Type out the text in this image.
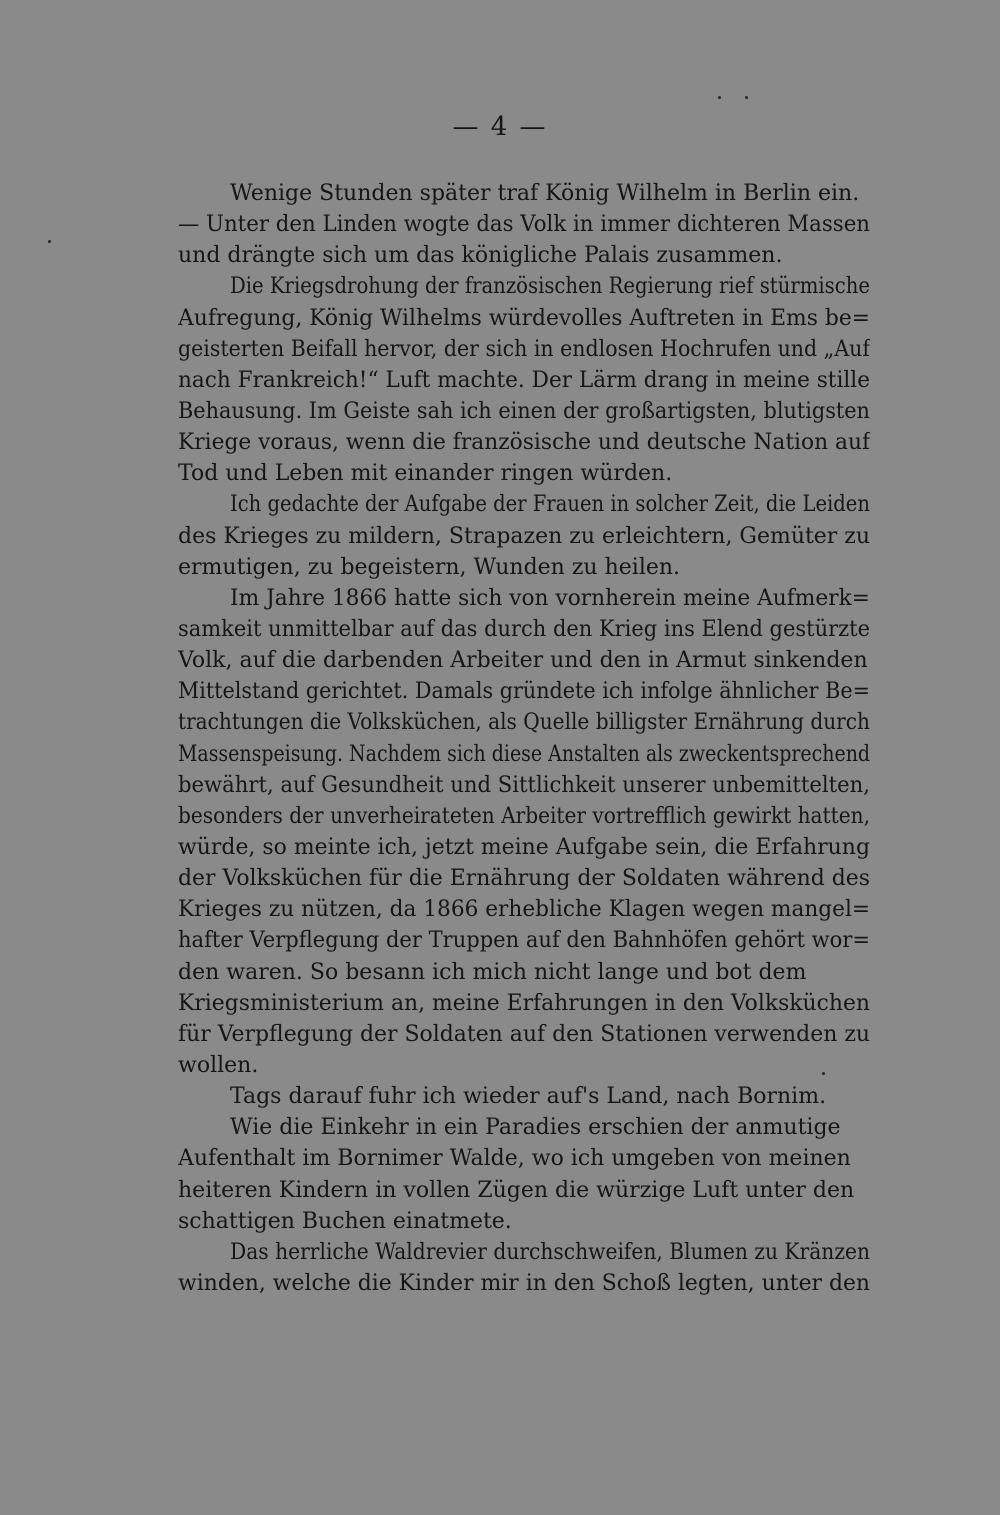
— 4 —
Wenige Stunden später traf König Wilhelm in Berlin ein.
— Unter den Linden wogte das Volk in immer dichteren Massen
und drängte sich um das königliche Palais zusammen.
Die Kriegsdrohung der französischen Regierung rief stürmische
Aufregung, König Wilhelms würdevolles Auftreten in Ems be=
geisterten Beifall hervor, der sich in endlosen Hochrufen und „Auf
nach Frankreich!“ Luft machte. Der Lärm drang in meine stille
Behausung. Im Geiste sah ich einen der großartigsten, blutigsten
Kriege voraus, wenn die französische und deutsche Nation auf
Tod und Leben mit einander ringen würden.
Ich gedachte der Aufgabe der Frauen in solcher Zeit, die Leiden
des Krieges zu mildern, Strapazen zu erleichtern, Gemüter zu
ermutigen, zu begeistern, Wunden zu heilen.
Im Jahre 1866 hatte sich von vornherein meine Aufmerk=
samkeit unmittelbar auf das durch den Krieg ins Elend gestürzte
Volk, auf die darbenden Arbeiter und den in Armut sinkenden
Mittelstand gerichtet. Damals gründete ich infolge ähnlicher Be=
trachtungen die Volksküchen, als Quelle billigster Ernährung durch
Massenspeisung. Nachdem sich diese Anstalten als zweckentsprechend
bewährt, auf Gesundheit und Sittlichkeit unserer unbemittelten,
besonders der unverheirateten Arbeiter vortrefflich gewirkt hatten,
würde, so meinte ich, jetzt meine Aufgabe sein, die Erfahrung
der Volksküchen für die Ernährung der Soldaten während des
Krieges zu nützen, da 1866 erhebliche Klagen wegen mangel=
hafter Verpflegung der Truppen auf den Bahnhöfen gehört wor=
den waren. So besann ich mich nicht lange und bot dem
Kriegsministerium an, meine Erfahrungen in den Volksküchen
für Verpflegung der Soldaten auf den Stationen verwenden zu
wollen.
Tags darauf fuhr ich wieder auf's Land, nach Bornim.
Wie die Einkehr in ein Paradies erschien der anmutige
Aufenthalt im Bornimer Walde, wo ich umgeben von meinen
heiteren Kindern in vollen Zügen die würzige Luft unter den
schattigen Buchen einatmete.
Das herrliche Waldrevier durchschweifen, Blumen zu Kränzen
winden, welche die Kinder mir in den Schoß legten, unter den
